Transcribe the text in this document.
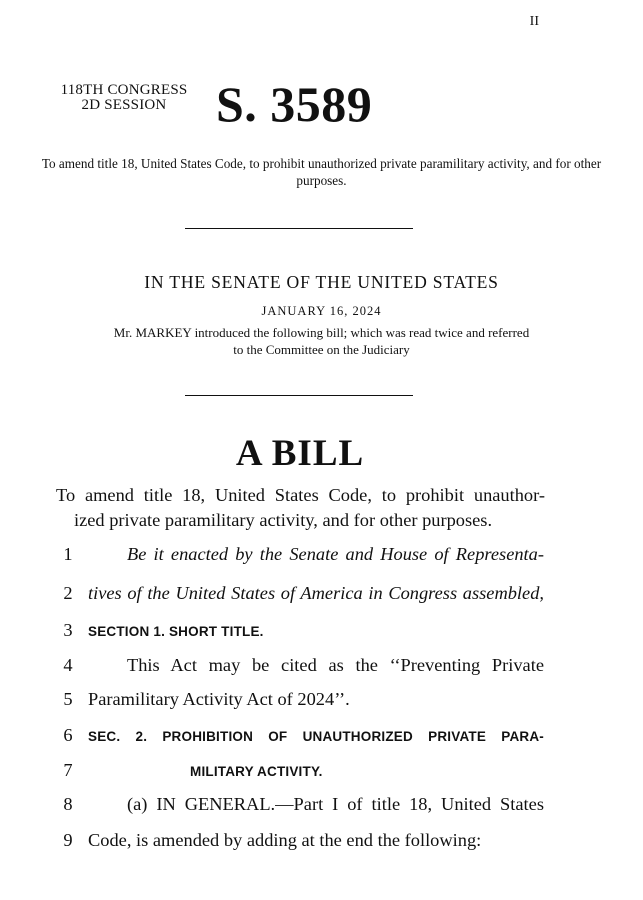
II
118TH CONGRESS
2D SESSION S. 3589
To amend title 18, United States Code, to prohibit unauthorized private paramilitary activity, and for other purposes.
IN THE SENATE OF THE UNITED STATES
JANUARY 16, 2024
Mr. MARKEY introduced the following bill; which was read twice and referred
to the Committee on the Judiciary
A BILL
To amend title 18, United States Code, to prohibit unauthor-
ized private paramilitary activity, and for other purposes.
1	Be it enacted by the Senate and House of Representa-
2 tives of the United States of America in Congress assembled,
3	SECTION 1. SHORT TITLE.
4	This Act may be cited as the ‘‘Preventing Private
5 Paramilitary Activity Act of 2024’’.
6	SEC. 2. PROHIBITION OF UNAUTHORIZED PRIVATE PARA-
7	MILITARY ACTIVITY.
8	(a) IN GENERAL.—Part I of title 18, United States
9 Code, is amended by adding at the end the following:
